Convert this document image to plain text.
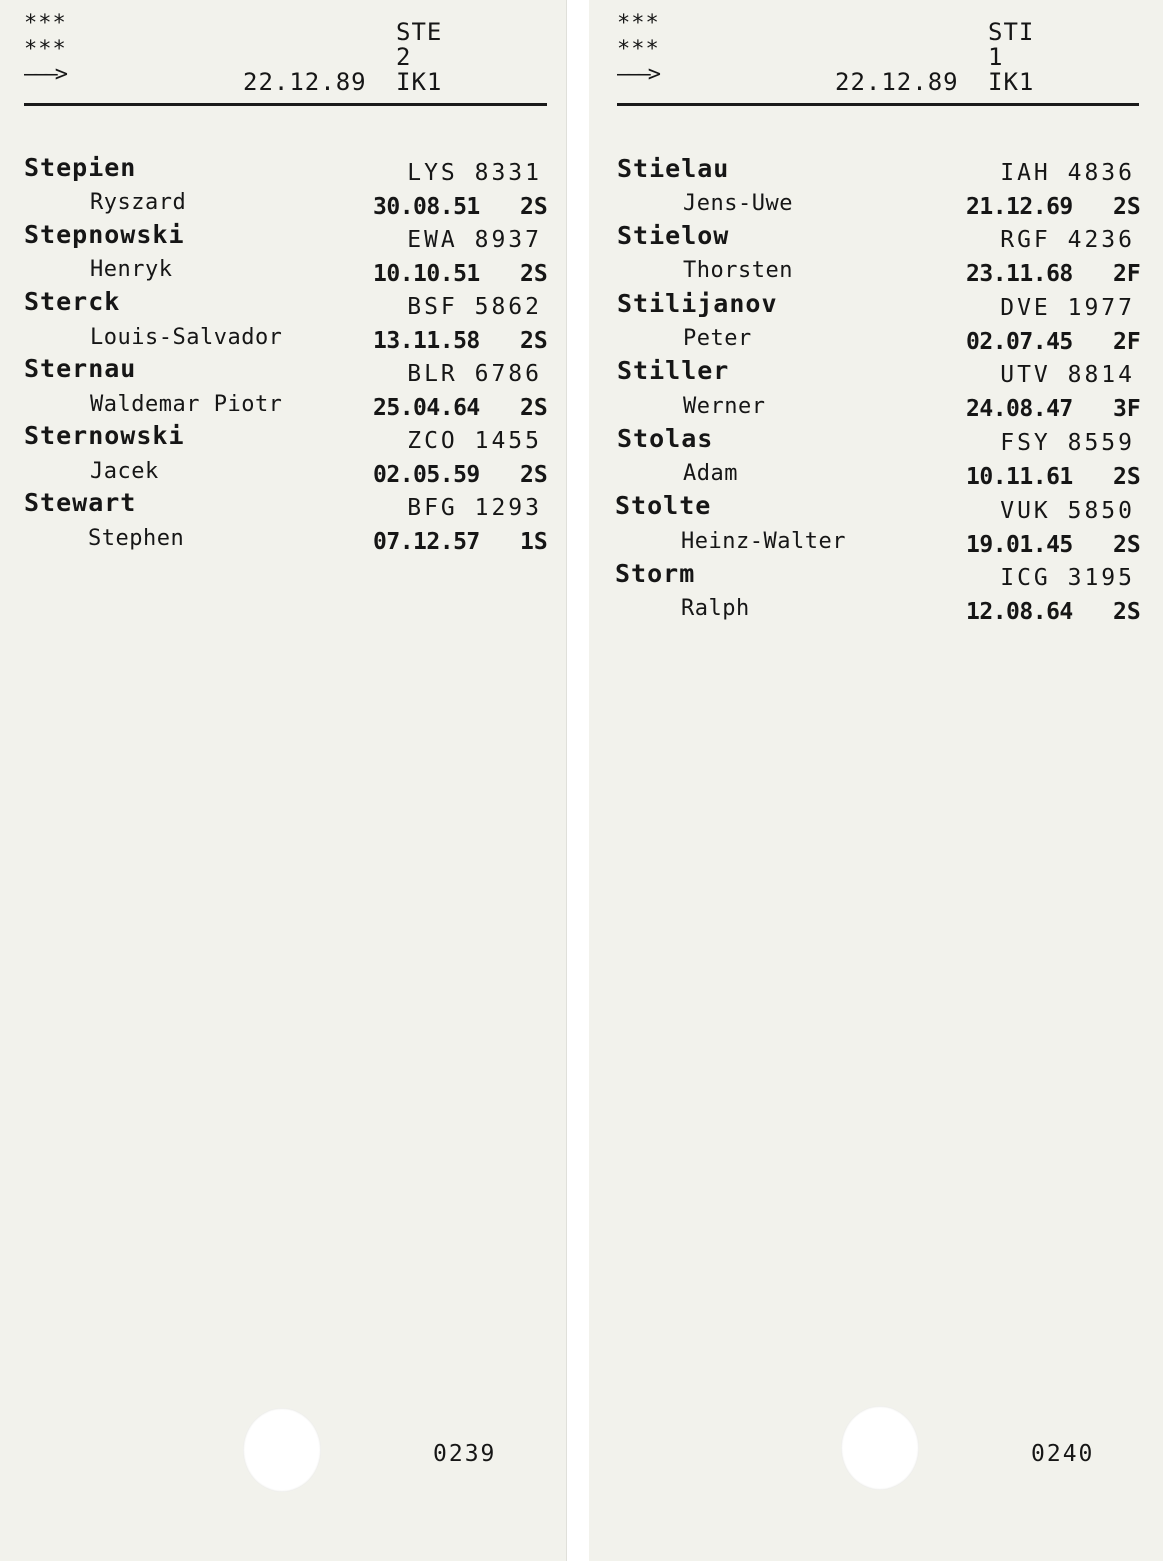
***
***
———>	22.12.89
STE
2
IK1
Stepien	LYS 8331
Ryszard	30.08.51 2S
Stepnowski	EWA 8937
Henryk	10.10.51 2S
Sterck	BSF 5862
Louis-Salvador	13.11.58 2S
Sternau	BLR 6786
Waldemar Piotr	25.04.64 2S
Sternowski	ZCO 1455
Jacek	02.05.59 2S
Stewart	BFG 1293
Stephen	07.12.57 1S
0239
***
***
———>	22.12.89
STI
1
IK1
Stielau	IAH 4836
Jens-Uwe	21.12.69 2S
Stielow	RGF 4236
Thorsten	23.11.68 2F
Stilijanov	DVE 1977
Peter	02.07.45 2F
Stiller	UTV 8814
Werner	24.08.47 3F
Stolas	FSY 8559
Adam	10.11.61 2S
Stolte	VUK 5850
Heinz-Walter	19.01.45 2S
Storm	ICG 3195
Ralph	12.08.64 2S
0240
